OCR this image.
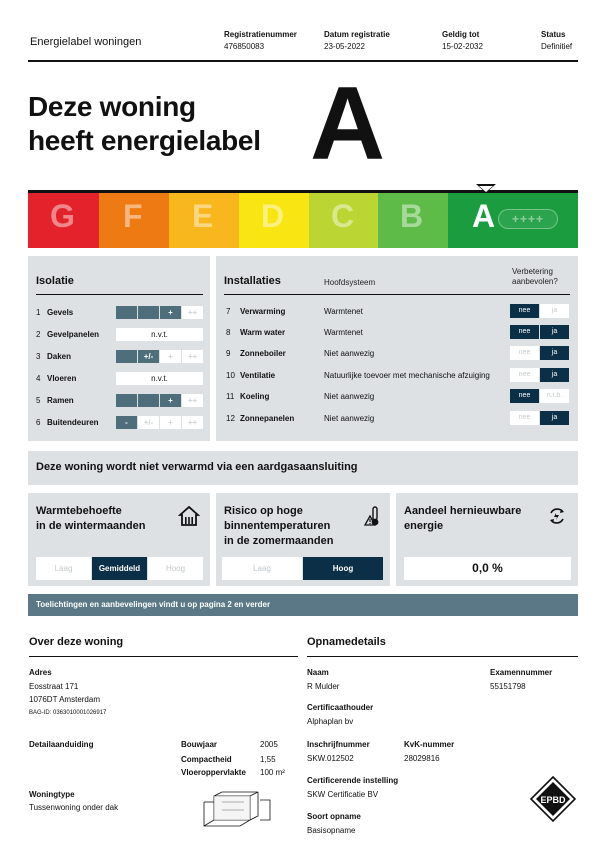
Energielabel woningen
Registratienummer
476850083
Datum registratie
23-05-2022
Geldig tot
15-02-2032
Status
Definitief
Deze woning
heeft energielabel A
G F E D C B A	++++
Isolatie
1 Gevels	+	++
2 Gevelpanelen	n.v.t.
3 Daken	+/-	+	++
4 Vloeren	n.v.t.
5 Ramen	+	++
6 Buitendeuren	-	+/-	+	++
Installaties	Hoofdsysteem
Verbetering
aanbevolen?
7 Verwarming	Warmtenet	nee	ja
8 Warm water	Warmtenet	nee	ja
9 Zonneboiler	Niet aanwezig	nee	ja
10 Ventilatie	Natuurlijke toevoer met mechanische afzuiging	nee	ja
11 Koeling	Niet aanwezig	nee	n.t.b.
12 Zonnepanelen	Niet aanwezig	nee	ja
Deze woning wordt niet verwarmd via een aardgasaansluiting
Warmtebehoefte
in de wintermaanden
Laag	Gemiddeld	Hoog
Risico op hoge
binnentemperaturen
in de zomermaanden
Laag	Hoog
Aandeel hernieuwbare
energie
0,0 %
Toelichtingen en aanbevelingen vindt u op pagina 2 en verder
Over deze woning
Adres
Eosstraat 171
1076DT Amsterdam
BAG-ID: 0363010001026917
Detailaanduiding	Bouwjaar	2005
Compactheid	1,55
Vloeroppervlakte 100 m²
Woningtype
Tussenwoning onder dak
Opnamedetails
Naam
R Mulder
Examennummer
55151798
Certificaathouder
Alphaplan bv
Inschrijfnummer
SKW.012502
KvK-nummer
28029816
Certificerende instelling
SKW Certificatie BV
Soort opname
Basisopname
EPBD
